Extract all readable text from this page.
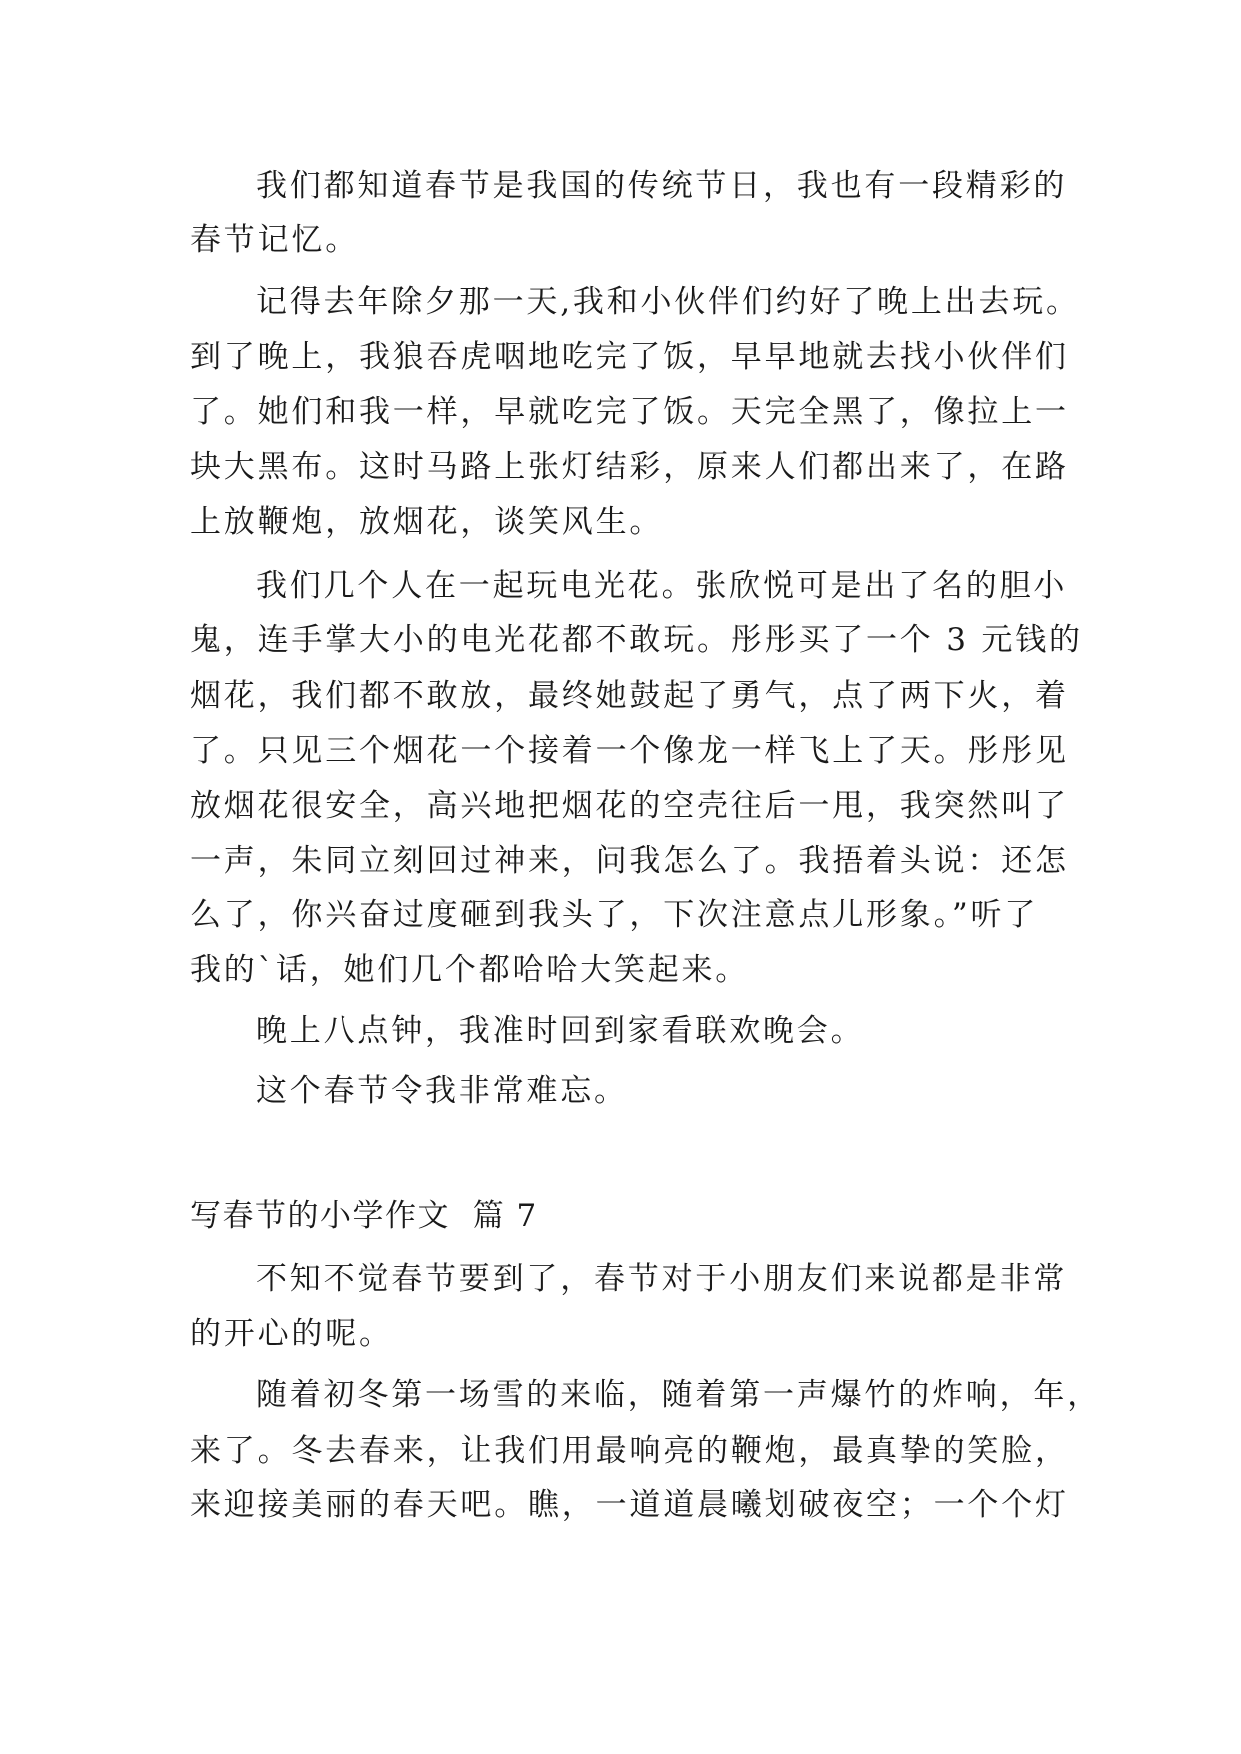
我们都知道春节是我国的传统节日，我也有一段精彩的

春节记忆。

记得去年除夕那一天,我和小伙伴们约好了晚上出去玩。

到了晚上，我狼吞虎咽地吃完了饭，早早地就去找小伙伴们

了。她们和我一样，早就吃完了饭。天完全黑了，像拉上一

块大黑布。这时马路上张灯结彩，原来人们都出来了，在路

上放鞭炮，放烟花，谈笑风生。

我们几个人在一起玩电光花。张欣悦可是出了名的胆小

鬼，连手掌大小的电光花都不敢玩。彤彤买了一个 3 元钱的

烟花，我们都不敢放，最终她鼓起了勇气，点了两下火，着

了。只见三个烟花一个接着一个像龙一样飞上了天。彤彤见

放烟花很安全，高兴地把烟花的空壳往后一甩，我突然叫了

一声，朱同立刻回过神来，问我怎么了。我捂着头说：还怎

么了，你兴奋过度砸到我头了，下次注意点儿形象。”听了

我的`话，她们几个都哈哈大笑起来。

晚上八点钟，我准时回到家看联欢晚会。

这个春节令我非常难忘。

写春节的小学作文  篇 7

不知不觉春节要到了，春节对于小朋友们来说都是非常

的开心的呢。

随着初冬第一场雪的来临，随着第一声爆竹的炸响，年，

来了。冬去春来，让我们用最响亮的鞭炮，最真挚的笑脸，

来迎接美丽的春天吧。瞧，一道道晨曦划破夜空；一个个灯
